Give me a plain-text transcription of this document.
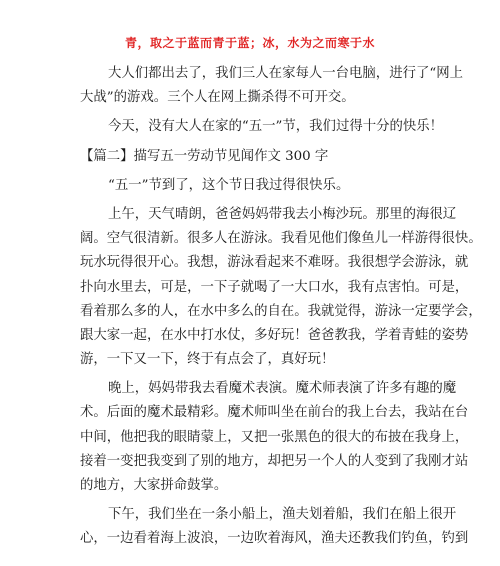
青，取之于蓝而青于蓝；冰，水为之而寒于水
大人们都出去了，我们三人在家每人一台电脑，进行了“网上
大战”的游戏。三个人在网上撕杀得不可开交。
今天，没有大人在家的“五一”节，我们过得十分的快乐！
【篇二】描写五一劳动节见闻作文 300 字
“五一”节到了，这个节日我过得很快乐。
上午，天气晴朗，爸爸妈妈带我去小梅沙玩。那里的海很辽
阔。空气很清新。很多人在游泳。我看见他们像鱼儿一样游得很快。
玩水玩得很开心。我想，游泳看起来不难呀。我很想学会游泳，就
扑向水里去，可是，一下子就喝了一大口水，我有点害怕。可是，
看着那么多的人，在水中多么的自在。我就觉得，游泳一定要学会，
跟大家一起，在水中打水仗，多好玩！爸爸教我，学着青蛙的姿势
游，一下又一下，终于有点会了，真好玩！
晚上，妈妈带我去看魔术表演。魔术师表演了许多有趣的魔
术。后面的魔术最精彩。魔术师叫坐在前台的我上台去，我站在台
中间，他把我的眼睛蒙上，又把一张黑色的很大的布披在我身上，
接着一变把我变到了别的地方，却把另一个人的人变到了我刚才站
的地方，大家拼命鼓掌。
下午，我们坐在一条小船上，渔夫划着船，我们在船上很开
心，一边看着海上波浪，一边吹着海风，渔夫还教我们钓鱼，钓到
